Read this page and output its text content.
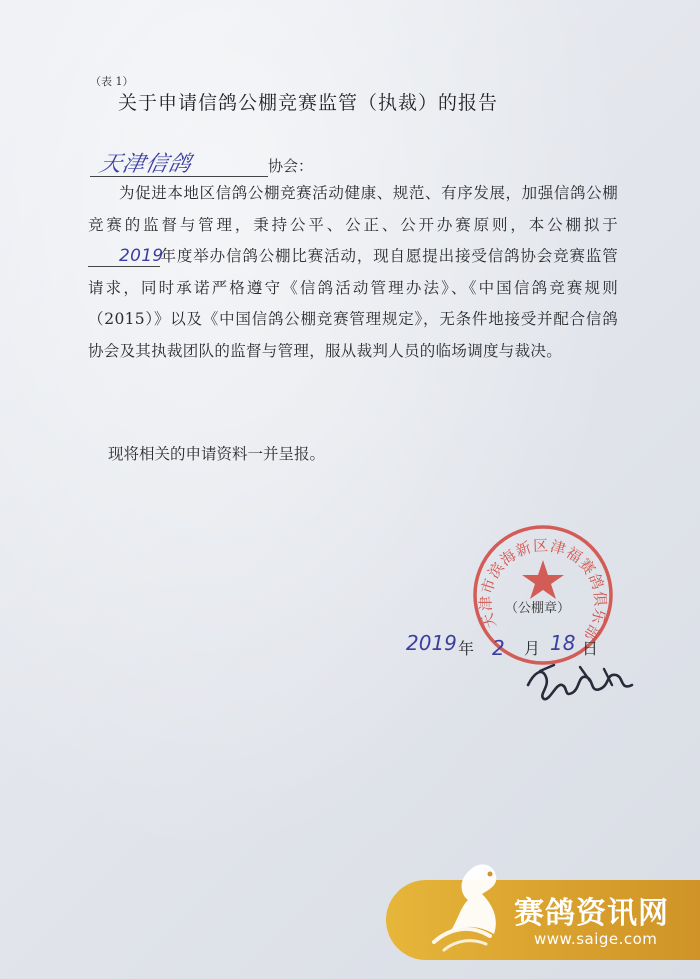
（表 1）
关于申请信鸽公棚竞赛监管（执裁）的报告
天津信鸽	协会：

为促进本地区信鸽公棚竞赛活动健康、规范、有序发展，加强信鸽公棚竞赛的监督与管理，秉持公平、公正、公开办赛原则，本公棚拟于2019年度举办信鸽公棚比赛活动，现自愿提出接受信鸽协会竞赛监管请求，同时承诺严格遵守《信鸽活动管理办法》、《中国信鸽竞赛规则（2015）》以及《中国信鸽公棚竞赛管理规定》，无条件地接受并配合信鸽协会及其执裁团队的监督与管理，服从裁判人员的临场调度与裁决。

现将相关的申请资料一并呈报。
天津市滨海新区津福赛鸽俱乐部
（公棚章）
2019 年 2 月 18 日
赛鸽资讯网
www.saige.com
